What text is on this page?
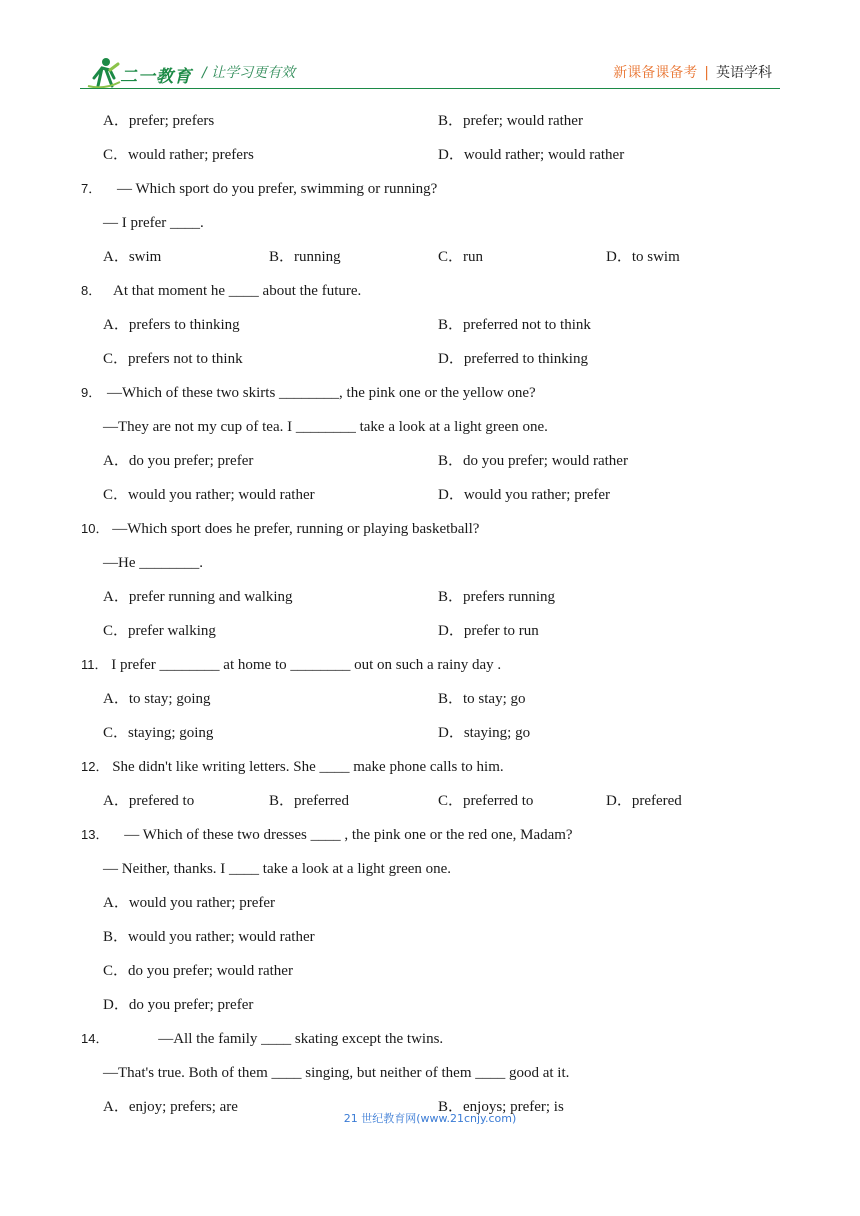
二一教育 / 让学习更有效	新课备课备考 | 英语学科
A．prefer; prefers	B．prefer; would rather
C．would rather; prefers	D．would rather; would rather
7． — Which sport do you prefer, swimming or running?
— I prefer ____.
A．swim	B．running	C．run	D．to swim
8． At that moment he ____ about the future.
A．prefers to thinking	B．preferred not to think
C．prefers not to think	D．preferred to thinking
9． —Which of these two skirts ________, the pink one or the yellow one?
—They are not my cup of tea. I ________ take a look at a light green one.
A．do you prefer; prefer	B．do you prefer; would rather
C．would you rather; would rather	D．would you rather; prefer
10． —Which sport does he prefer, running or playing basketball?
—He ________.
A．prefer running and walking	B．prefers running
C．prefer walking	D．prefer to run
11． I prefer ________ at home to ________ out on such a rainy day .
A．to stay; going	B．to stay; go
C．staying; going	D．staying; go
12． She didn't like writing letters. She ____ make phone calls to him.
A．prefered to	B．preferred	C．preferred to	D．prefered
13． — Which of these two dresses ____ , the pink one or the red one, Madam?
— Neither, thanks. I ____ take a look at a light green one.
A．would you rather; prefer
B．would you rather; would rather
C．do you prefer; would rather
D．do you prefer; prefer
14．	—All the family ____ skating except the twins.
—That's true. Both of them ____ singing, but neither of them ____ good at it.
A．enjoy; prefers; are	B．enjoys; prefer; is
21 世纪教育网(www.21cnjy.com)
